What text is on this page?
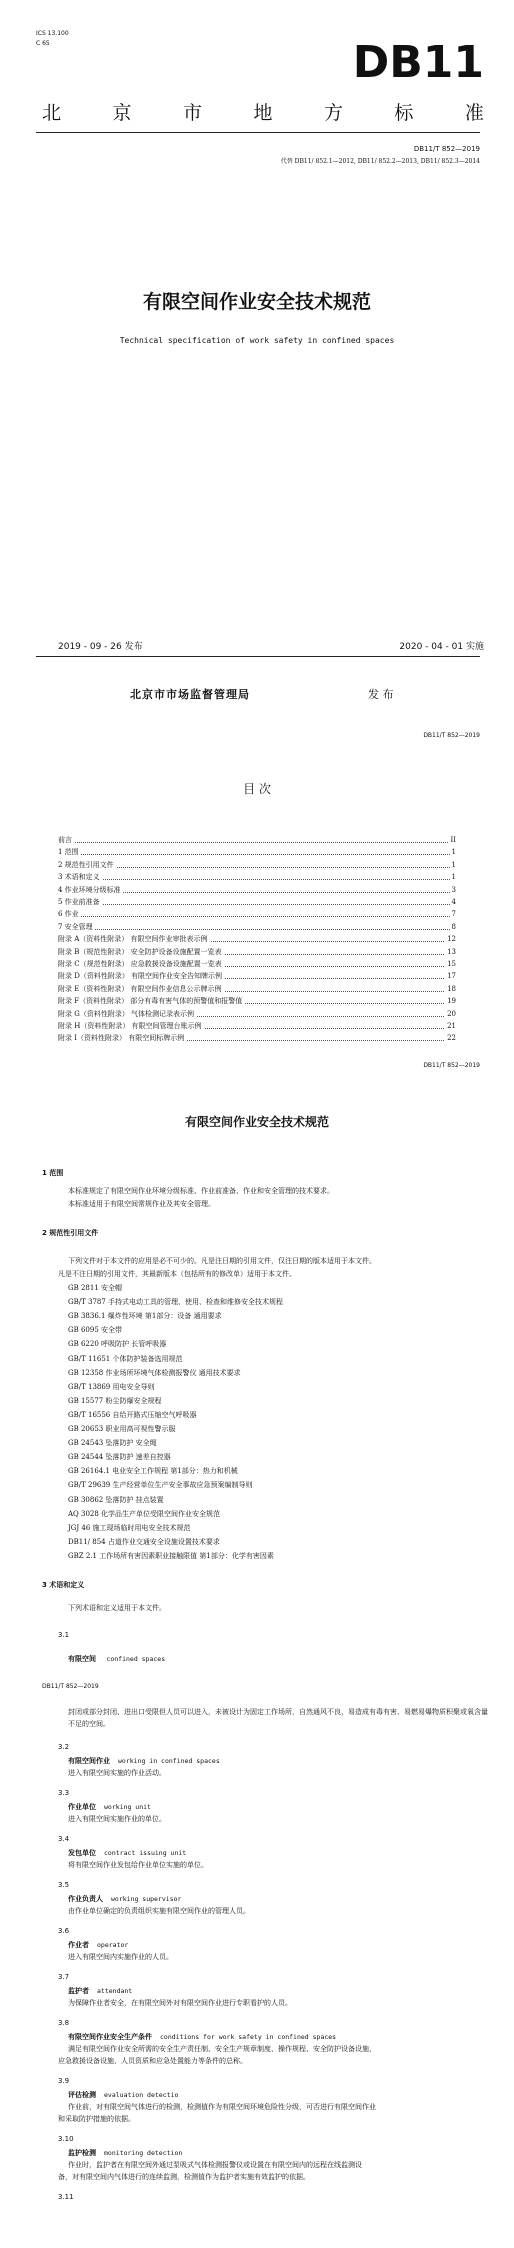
ICS 13.100
C 65	DB11
北	京	市	地	方	标	准
DB11/T 852—2019
代替 DB11/ 852.1—2012, DB11/ 852.2—2013, DB11/ 852.3—2014
有限空间作业安全技术规范
Technical specification of work safety in confined spaces
2019 - 09 - 26 发布	2020 - 04 - 01 实施
北京市市场监督管理局	发 布
DB11/T 852—2019
目 次
前言	II
1 范围	1
2 规范性引用文件	1
3 术语和定义	1
4 作业环境分级标准	3
5 作业前准备	4
6 作业	7
7 安全管理	8
附录 A（资料性附录） 有限空间作业审批表示例	12
附录 B（规范性附录） 安全防护设备设施配置一览表	13
附录 C（规范性附录） 应急救援设备设施配置一览表	15
附录 D（资料性附录） 有限空间作业安全告知牌示例	17
附录 E（资料性附录） 有限空间作业信息公示牌示例	18
附录 F（资料性附录） 部分有毒有害气体的预警值和报警值	19
附录 G（资料性附录） 气体检测记录表示例	20
附录 H（资料性附录） 有限空间管理台账示例	21
附录 I（资料性附录） 有限空间标牌示例	22
DB11/T 852—2019
有限空间作业安全技术规范
1 范围
本标准规定了有限空间作业环境分级标准、作业前准备、作业和安全管理的技术要求。
本标准适用于有限空间常规作业及其安全管理。
2 规范性引用文件
下列文件对于本文件的应用是必不可少的。凡是注日期的引用文件，仅注日期的版本适用于本文件。
凡是不注日期的引用文件，其最新版本（包括所有的修改单）适用于本文件。
GB 2811 安全帽
GB/T 3787 手持式电动工具的管理、使用、检查和维修安全技术规程
GB 3836.1 爆炸性环境 第1部分：设备 通用要求
GB 6095 安全带
GB 6220 呼吸防护 长管呼吸器
GB/T 11651 个体防护装备选用规范
GB 12358 作业场所环境气体检测报警仪 通用技术要求
GB/T 13869 用电安全导则
GB 15577 粉尘防爆安全规程
GB/T 16556 自给开路式压缩空气呼吸器
GB 20653 职业用高可视性警示服
GB 24543 坠落防护 安全绳
GB 24544 坠落防护 速差自控器
GB 26164.1 电业安全工作规程 第1部分：热力和机械
GB/T 29639 生产经营单位生产安全事故应急预案编制导则
GB 30862 坠落防护 挂点装置
AQ 3028 化学品生产单位受限空间作业安全规范
JGJ 46 施工现场临时用电安全技术规范
DB11/ 854 占道作业交通安全设施设置技术要求
GBZ 2.1 工作场所有害因素职业接触限值 第1部分：化学有害因素
3 术语和定义
下列术语和定义适用于本文件。
3.1
有限空间 confined spaces
DB11/T 852—2019
封闭或部分封闭、进出口受限但人员可以进入，未被设计为固定工作场所，自然通风不良，易造成有毒有害、易燃易爆物质积聚或氧含量不足的空间。
3.2
有限空间作业 working in confined spaces
进入有限空间实施的作业活动。
3.3
作业单位 working unit
进入有限空间实施作业的单位。
3.4
发包单位 contract issuing unit
将有限空间作业发包给作业单位实施的单位。
3.5
作业负责人 working supervisor
由作业单位确定的负责组织实施有限空间作业的管理人员。
3.6
作业者 operator
进入有限空间内实施作业的人员。
3.7
监护者 attendant
为保障作业者安全，在有限空间外对有限空间作业进行专职看护的人员。
3.8
有限空间作业安全生产条件 conditions for work safety in confined spaces
满足有限空间作业安全所需的安全生产责任制、安全生产规章制度、操作规程、安全防护设备设施、
应急救援设备设施、人员资质和应急处置能力等条件的总称。
3.9
评估检测 evaluation detectio
作业前，对有限空间气体进行的检测，检测值作为有限空间环境危险性分级，可否进行有限空间作业
和采取防护措施的依据。
3.10
监护检测 monitoring detection
作业时，监护者在有限空间外通过泵吸式气体检测报警仪或设置在有限空间内的远程在线监测设
备，对有限空间内气体进行的连续监测，检测值作为监护者实施有效监护的依据。
3.11
